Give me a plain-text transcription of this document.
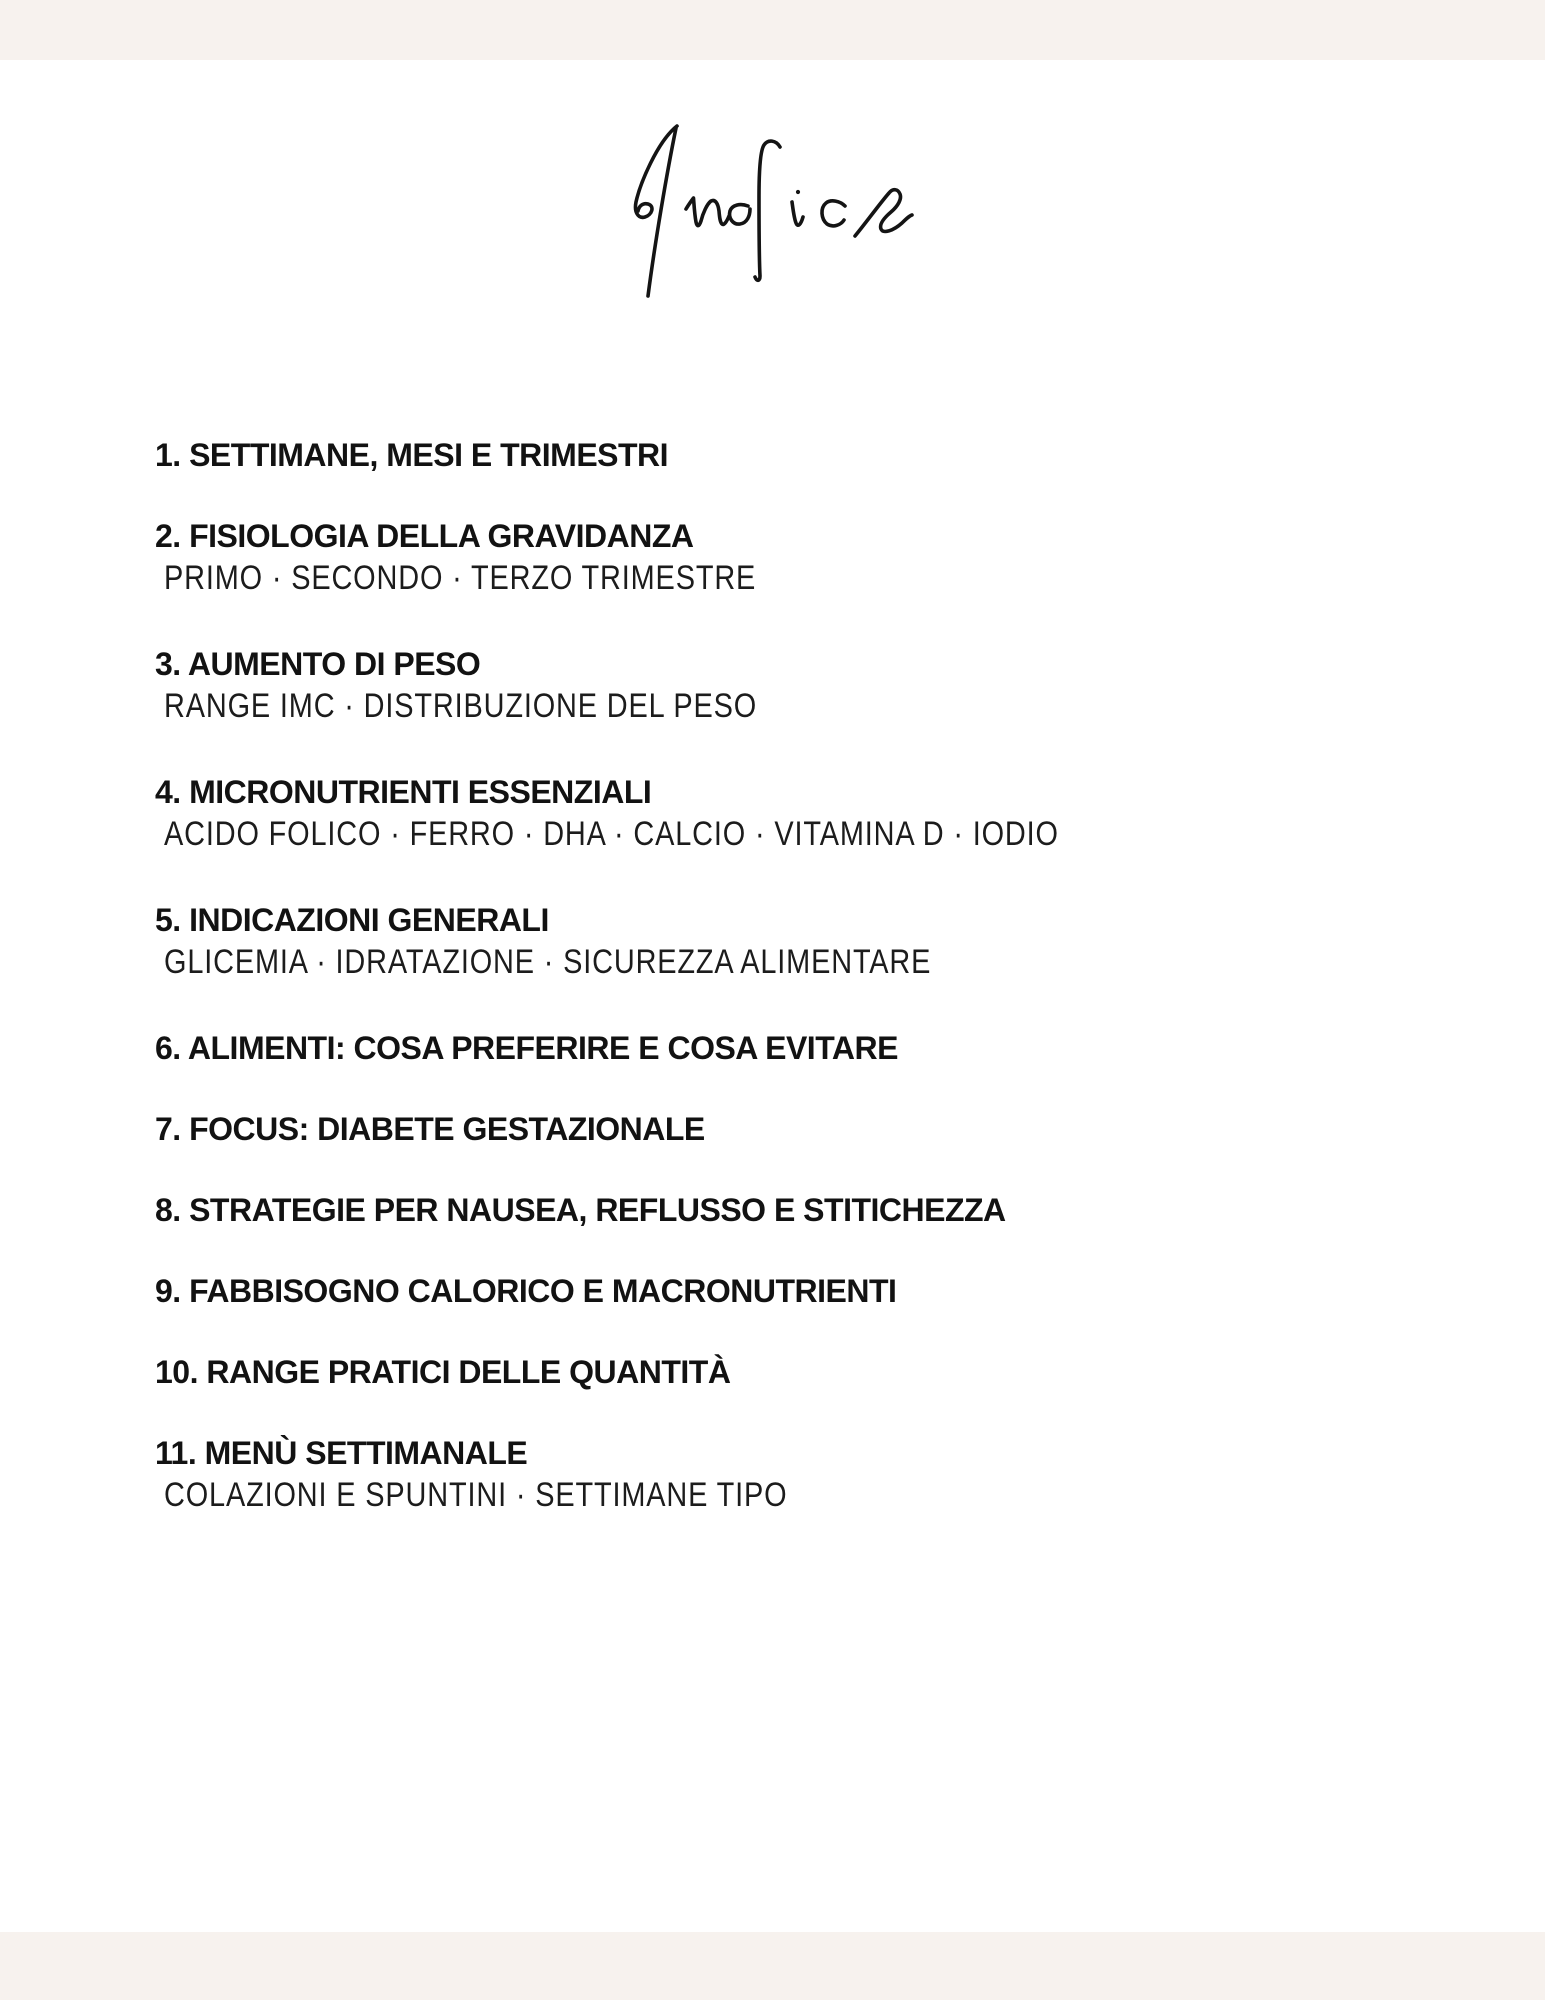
1. SETTIMANE, MESI E TRIMESTRI
2. FISIOLOGIA DELLA GRAVIDANZA
PRIMO · SECONDO · TERZO TRIMESTRE
3. AUMENTO DI PESO
RANGE IMC · DISTRIBUZIONE DEL PESO
4. MICRONUTRIENTI ESSENZIALI
ACIDO FOLICO · FERRO · DHA · CALCIO · VITAMINA D · IODIO
5. INDICAZIONI GENERALI
GLICEMIA · IDRATAZIONE · SICUREZZA ALIMENTARE
6. ALIMENTI: COSA PREFERIRE E COSA EVITARE
7. FOCUS: DIABETE GESTAZIONALE
8. STRATEGIE PER NAUSEA, REFLUSSO E STITICHEZZA
9. FABBISOGNO CALORICO E MACRONUTRIENTI
10. RANGE PRATICI DELLE QUANTITÀ
11. MENÙ SETTIMANALE
COLAZIONI E SPUNTINI · SETTIMANE TIPO
